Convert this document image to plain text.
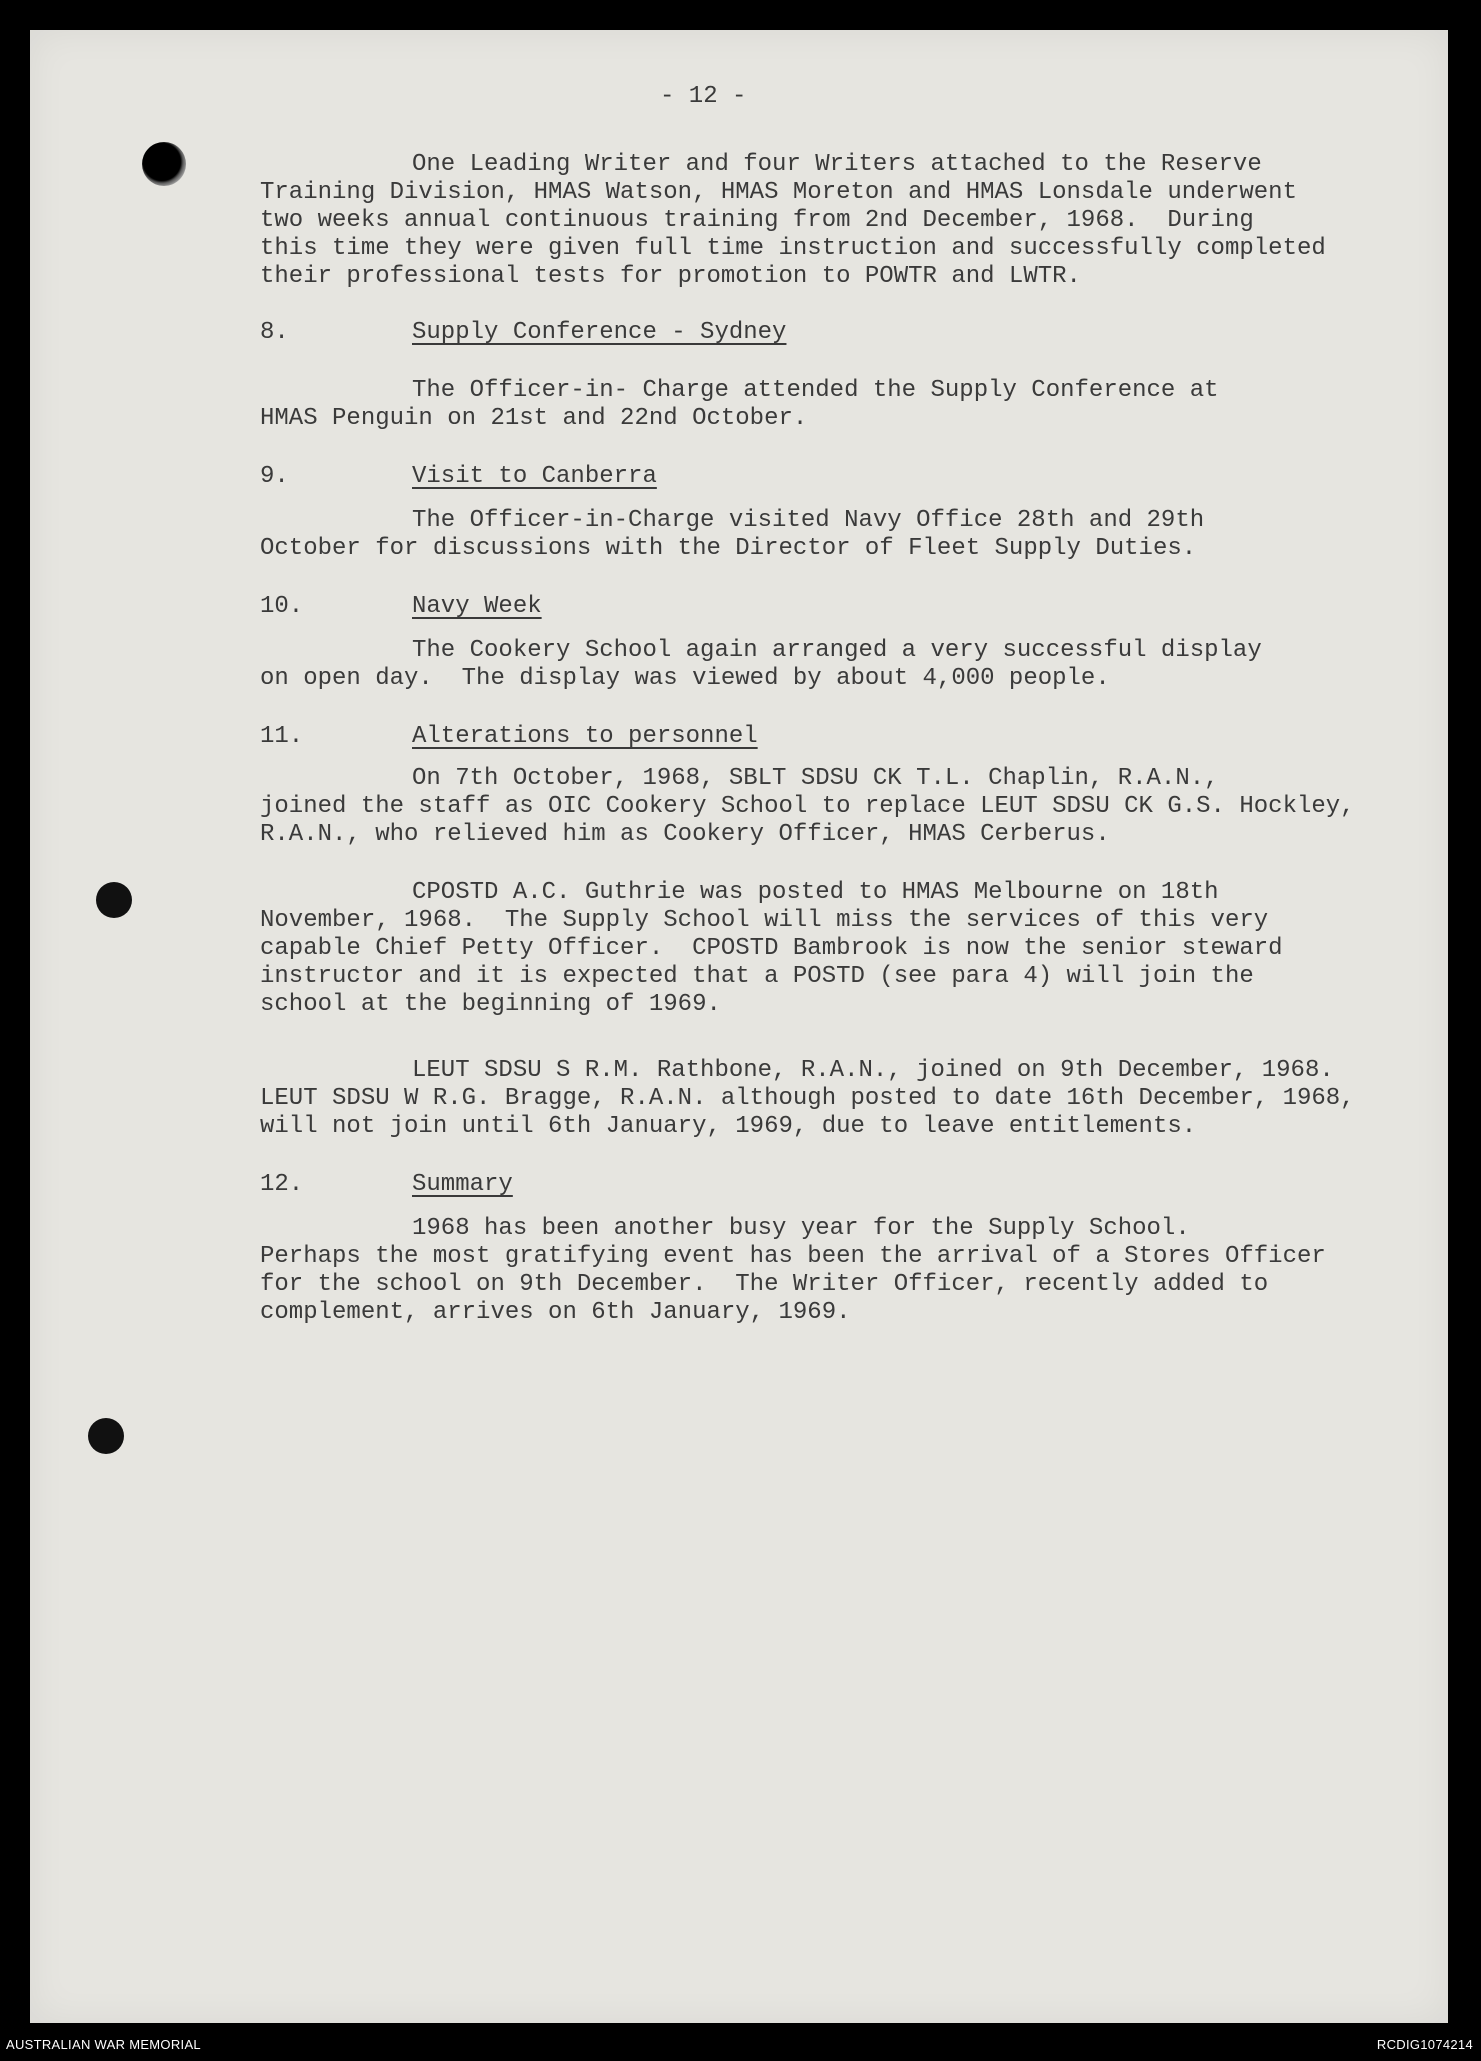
- 12 -
One Leading Writer and four Writers attached to the Reserve
Training Division, HMAS Watson, HMAS Moreton and HMAS Lonsdale underwent
two weeks annual continuous training from 2nd December, 1968.  During
this time they were given full time instruction and successfully completed
their professional tests for promotion to POWTR and LWTR.
8.	Supply Conference - Sydney
The Officer-in- Charge attended the Supply Conference at
HMAS Penguin on 21st and 22nd October.
9.	Visit to Canberra
The Officer-in-Charge visited Navy Office 28th and 29th
October for discussions with the Director of Fleet Supply Duties.
10.	Navy Week
The Cookery School again arranged a very successful display
on open day.  The display was viewed by about 4,000 people.
11.	Alterations to personnel
On 7th October, 1968, SBLT SDSU CK T.L. Chaplin, R.A.N.,
joined the staff as OIC Cookery School to replace LEUT SDSU CK G.S. Hockley,
R.A.N., who relieved him as Cookery Officer, HMAS Cerberus.
CPOSTD A.C. Guthrie was posted to HMAS Melbourne on 18th
November, 1968.  The Supply School will miss the services of this very
capable Chief Petty Officer.  CPOSTD Bambrook is now the senior steward
instructor and it is expected that a POSTD (see para 4) will join the
school at the beginning of 1969.
LEUT SDSU S R.M. Rathbone, R.A.N., joined on 9th December, 1968.
LEUT SDSU W R.G. Bragge, R.A.N. although posted to date 16th December, 1968,
will not join until 6th January, 1969, due to leave entitlements.
12.	Summary
1968 has been another busy year for the Supply School.
Perhaps the most gratifying event has been the arrival of a Stores Officer
for the school on 9th December.  The Writer Officer, recently added to
complement, arrives on 6th January, 1969.
AUSTRALIAN WAR MEMORIAL	RCDIG1074214
